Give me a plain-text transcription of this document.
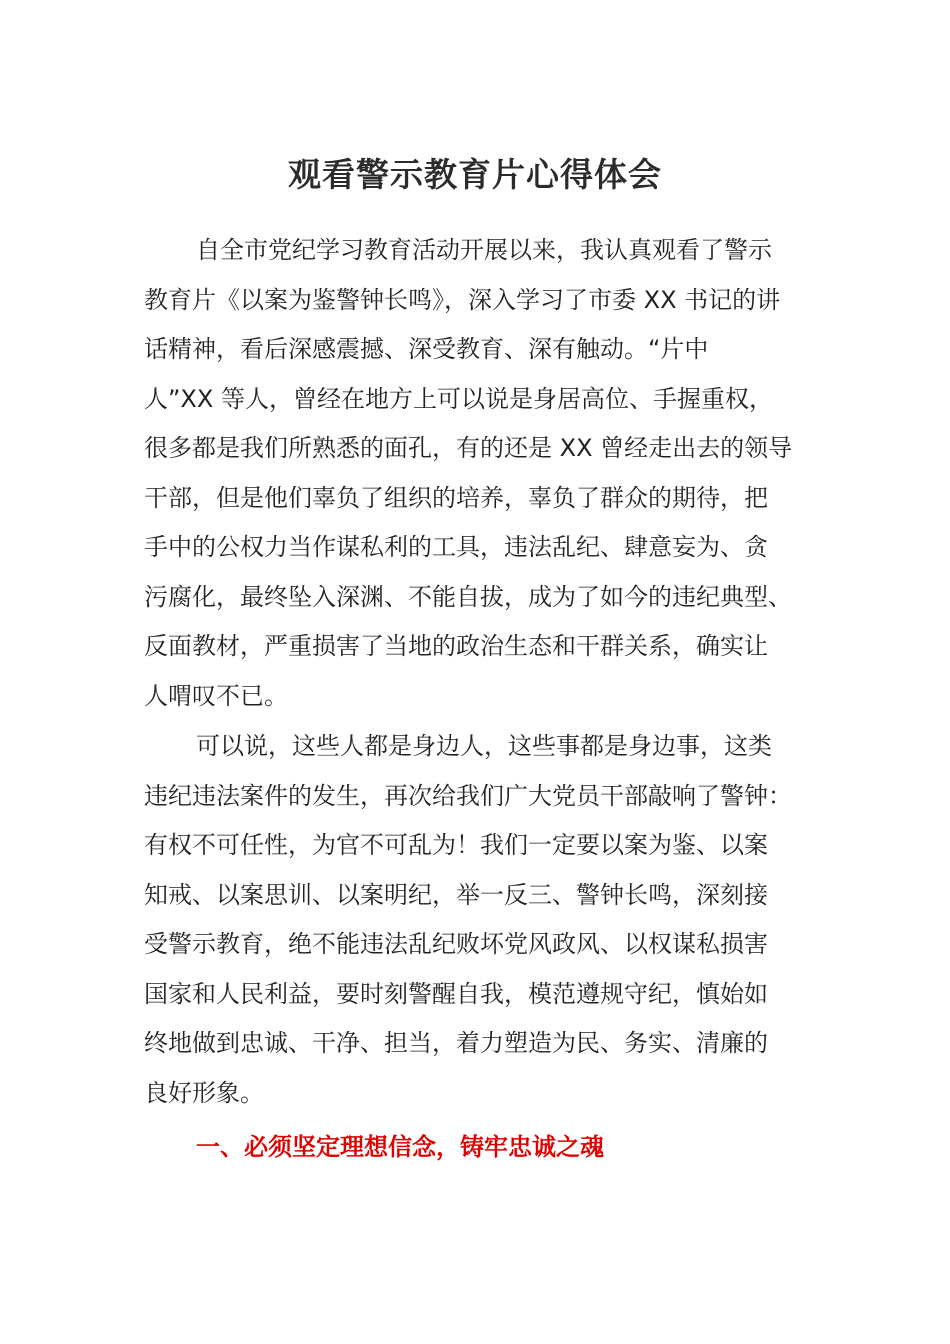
观看警示教育片心得体会

自全市党纪学习教育活动开展以来，我认真观看了警示
教育片《以案为鉴警钟长鸣》，深入学习了市委 XX 书记的讲
话精神，看后深感震撼、深受教育、深有触动。“片中
人”XX 等人，曾经在地方上可以说是身居高位、手握重权，
很多都是我们所熟悉的面孔，有的还是 XX 曾经走出去的领导
干部，但是他们辜负了组织的培养，辜负了群众的期待，把
手中的公权力当作谋私利的工具，违法乱纪、肆意妄为、贪
污腐化，最终坠入深渊、不能自拔，成为了如今的违纪典型、
反面教材，严重损害了当地的政治生态和干群关系，确实让
人喟叹不已。

可以说，这些人都是身边人，这些事都是身边事，这类
违纪违法案件的发生，再次给我们广大党员干部敲响了警钟：
有权不可任性，为官不可乱为！我们一定要以案为鉴、以案
知戒、以案思训、以案明纪，举一反三、警钟长鸣，深刻接
受警示教育，绝不能违法乱纪败坏党风政风、以权谋私损害
国家和人民利益，要时刻警醒自我，模范遵规守纪，慎始如
终地做到忠诚、干净、担当，着力塑造为民、务实、清廉的
良好形象。

一、必须坚定理想信念，铸牢忠诚之魂
